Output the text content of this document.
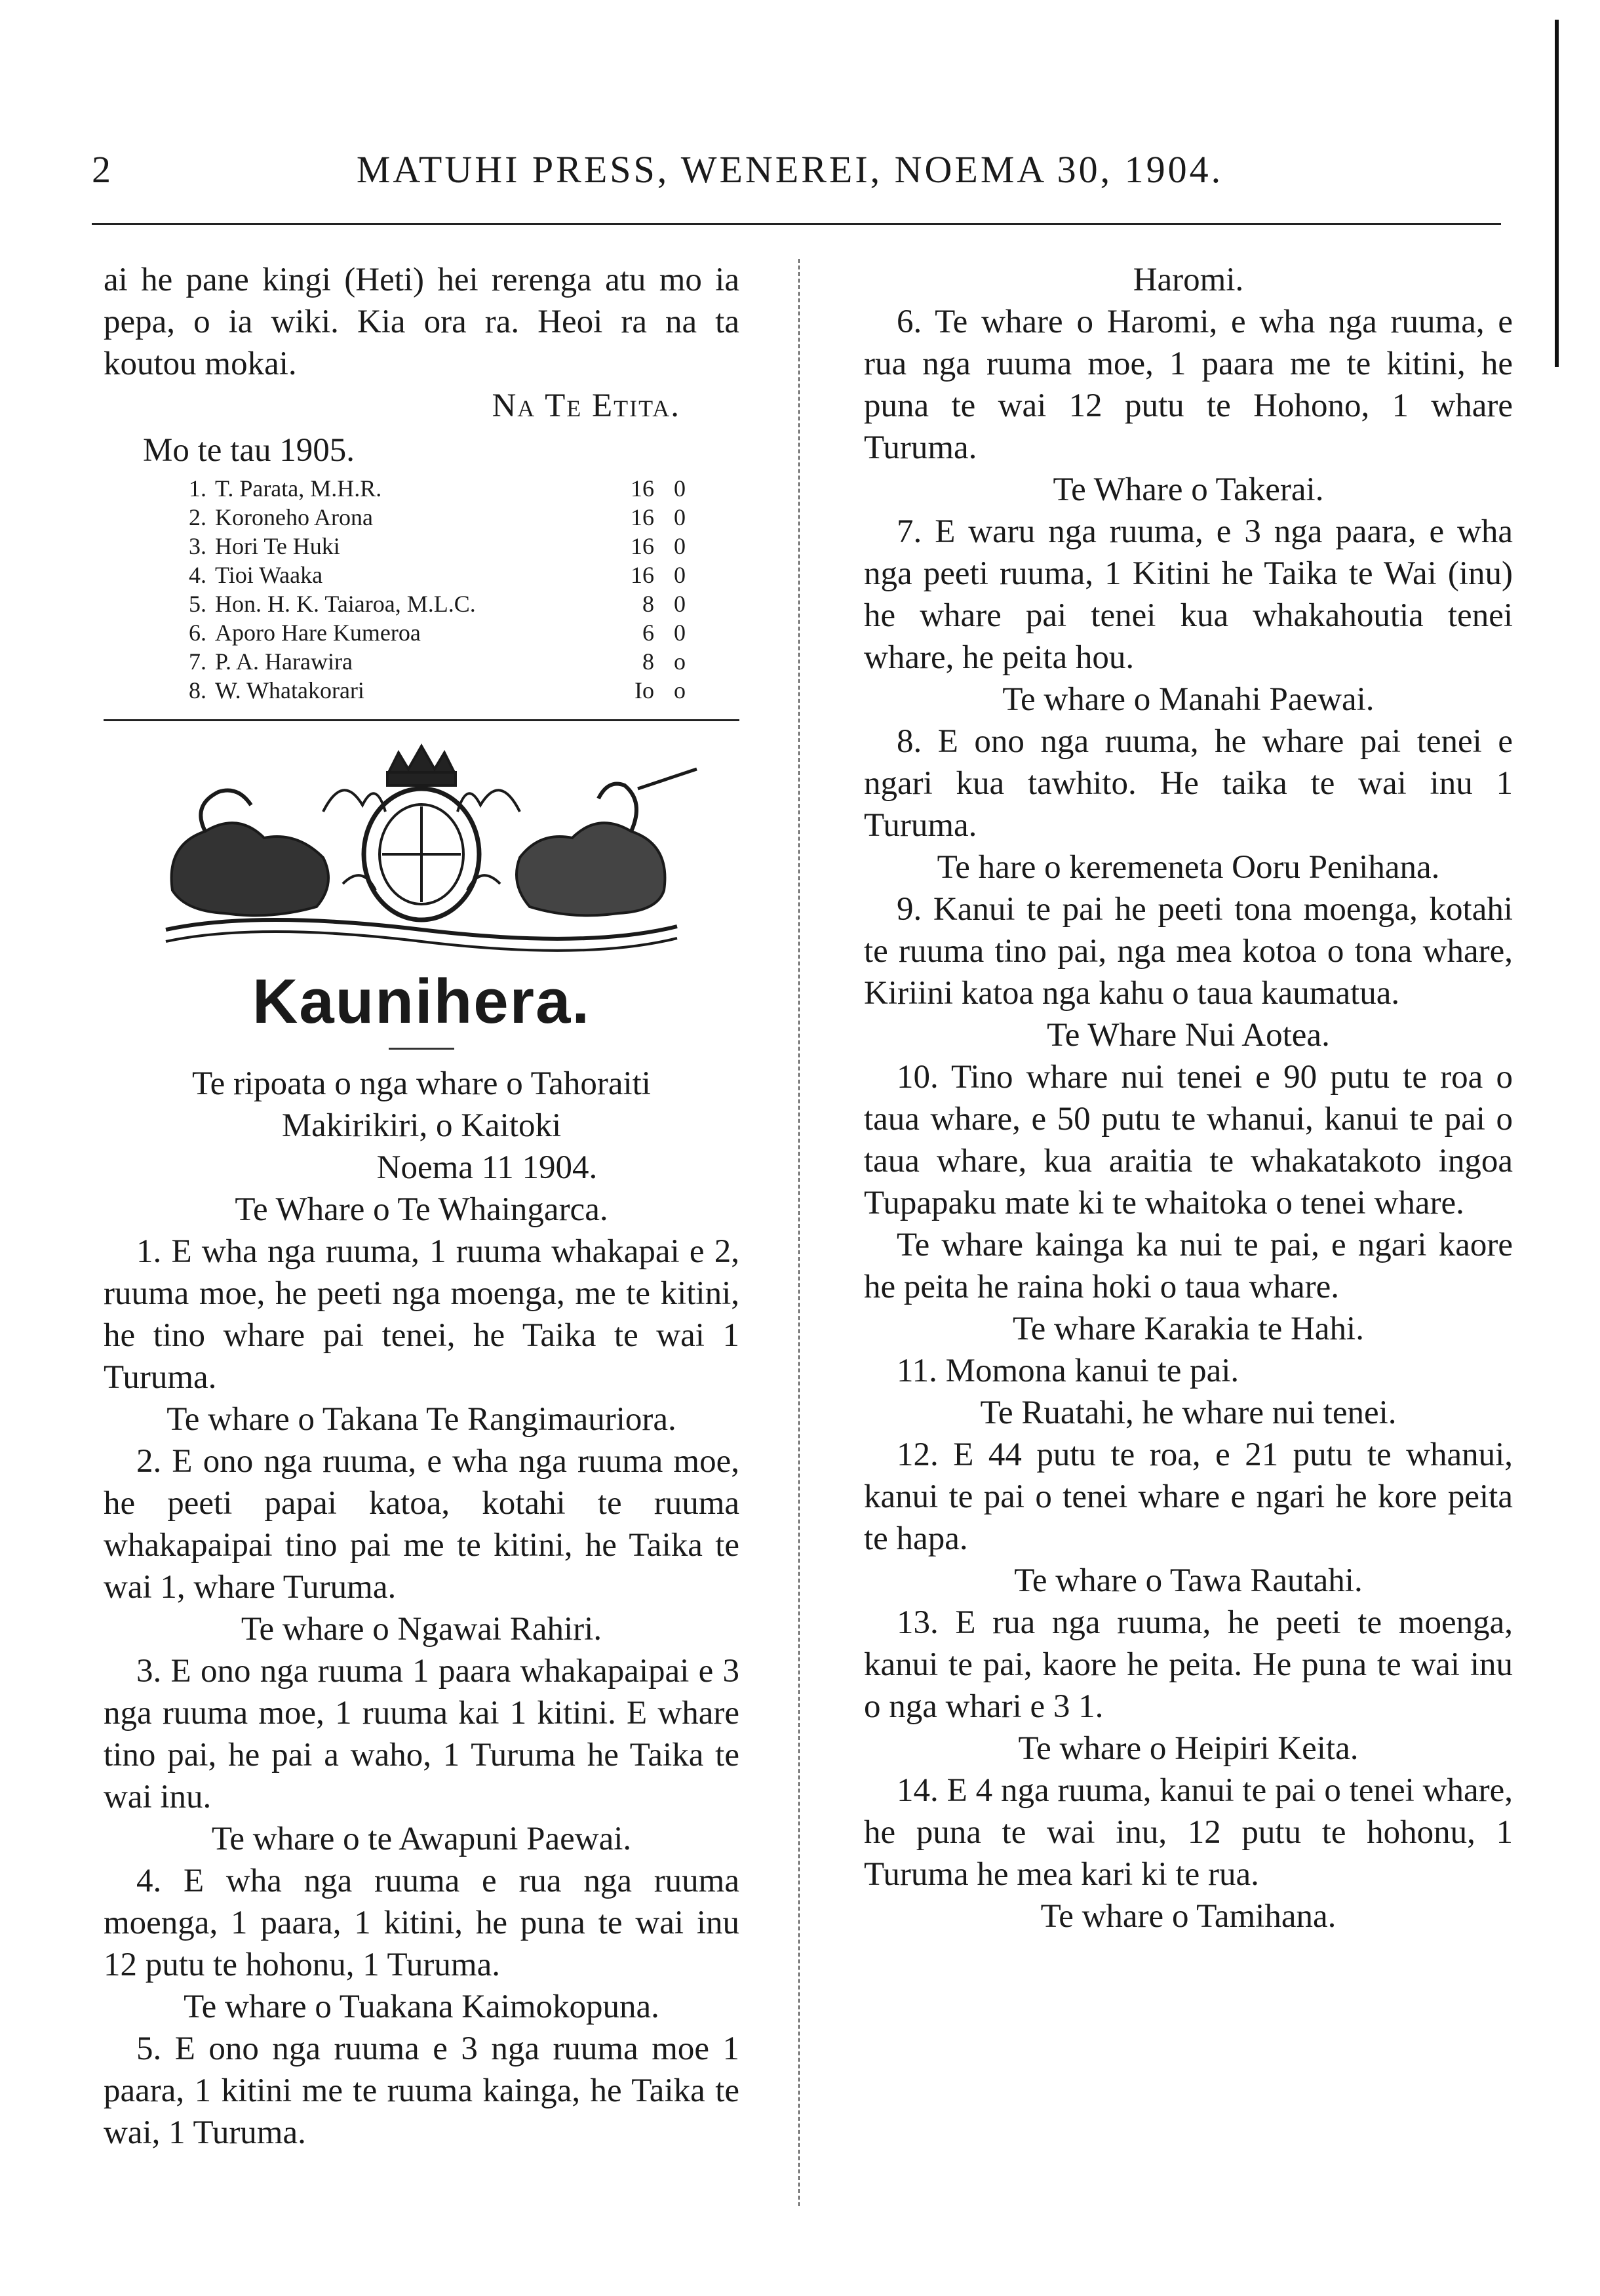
2	MATUHI PRESS, WENEREI, NOEMA 30, 1904.

ai he pane kingi (Heti) hei rerenga atu mo ia pepa, o ia wiki. Kia ora ra. Heoi ra na ta koutou mokai.

Na Te Etita.

Mo te tau 1905.

1.	T. Parata, M.H.R.	16	0
2.	Koroneho Arona	16	0
3.	Hori Te Huki	16	0
4.	Tioi Waaka	16	0
5.	Hon. H. K. Taiaroa, M.L.C.	8	0
6.	Aporo Hare Kumeroa	6	0
7.	P. A. Harawira	8	o
8.	W. Whatakorari	Io	o
Kaunihera.

Te ripoata o nga whare o Tahoraiti

Makirikiri, o Kaitoki

Noema 11 1904.

Te Whare o Te Whaingarca.

1. E wha nga ruuma, 1 ruuma whakapai e 2, ruuma moe, he peeti nga moenga, me te kitini, he tino whare pai tenei, he Taika te wai 1 Turuma.

Te whare o Takana Te Rangimauriora.

2. E ono nga ruuma, e wha nga ruuma moe, he peeti papai katoa, kotahi te ruuma whakapaipai tino pai me te kitini, he Taika te wai 1, whare Turuma.

Te whare o Ngawai Rahiri.

3. E ono nga ruuma 1 paara whakapaipai e 3 nga ruuma moe, 1 ruuma kai 1 kitini. E whare tino pai, he pai a waho, 1 Turuma he Taika te wai inu.

Te whare o te Awapuni Paewai.

4. E wha nga ruuma e rua nga ruuma moenga, 1 paara, 1 kitini, he puna te wai inu 12 putu te hohonu, 1 Turuma.

Te whare o Tuakana Kaimokopuna.

5. E ono nga ruuma e 3 nga ruuma moe 1 paara, 1 kitini me te ruuma kainga, he Taika te wai, 1 Turuma.

Haromi.

6. Te whare o Haromi, e wha nga ruuma, e rua nga ruuma moe, 1 paara me te kitini, he puna te wai 12 putu te Hohono, 1 whare Turuma.

Te Whare o Takerai.

7. E waru nga ruuma, e 3 nga paara, e wha nga peeti ruuma, 1 Kitini he Taika te Wai (inu) he whare pai tenei kua whakahoutia tenei whare, he peita hou.

Te whare o Manahi Paewai.

8. E ono nga ruuma, he whare pai tenei e ngari kua tawhito. He taika te wai inu 1 Turuma.

Te hare o keremeneta Ooru Penihana.

9. Kanui te pai he peeti tona moenga, kotahi te ruuma tino pai, nga mea kotoa o tona whare, Kiriini katoa nga kahu o taua kaumatua.

Te Whare Nui Aotea.

10. Tino whare nui tenei e 90 putu te roa o taua whare, e 50 putu te whanui, kanui te pai o taua whare, kua araitia te whakatakoto ingoa Tupapaku mate ki te whaitoka o tenei whare.

Te whare kainga ka nui te pai, e ngari kaore he peita he raina hoki o taua whare.

Te whare Karakia te Hahi.

11. Momona kanui te pai.

Te Ruatahi, he whare nui tenei.

12. E 44 putu te roa, e 21 putu te whanui, kanui te pai o tenei whare e ngari he kore peita te hapa.

Te whare o Tawa Rautahi.

13. E rua nga ruuma, he peeti te moenga, kanui te pai, kaore he peita. He puna te wai inu o nga whari e 3 1.

Te whare o Heipiri Keita.

14. E 4 nga ruuma, kanui te pai o tenei whare, he puna te wai inu, 12 putu te hohonu, 1 Turuma he mea kari ki te rua.

Te whare o Tamihana.
